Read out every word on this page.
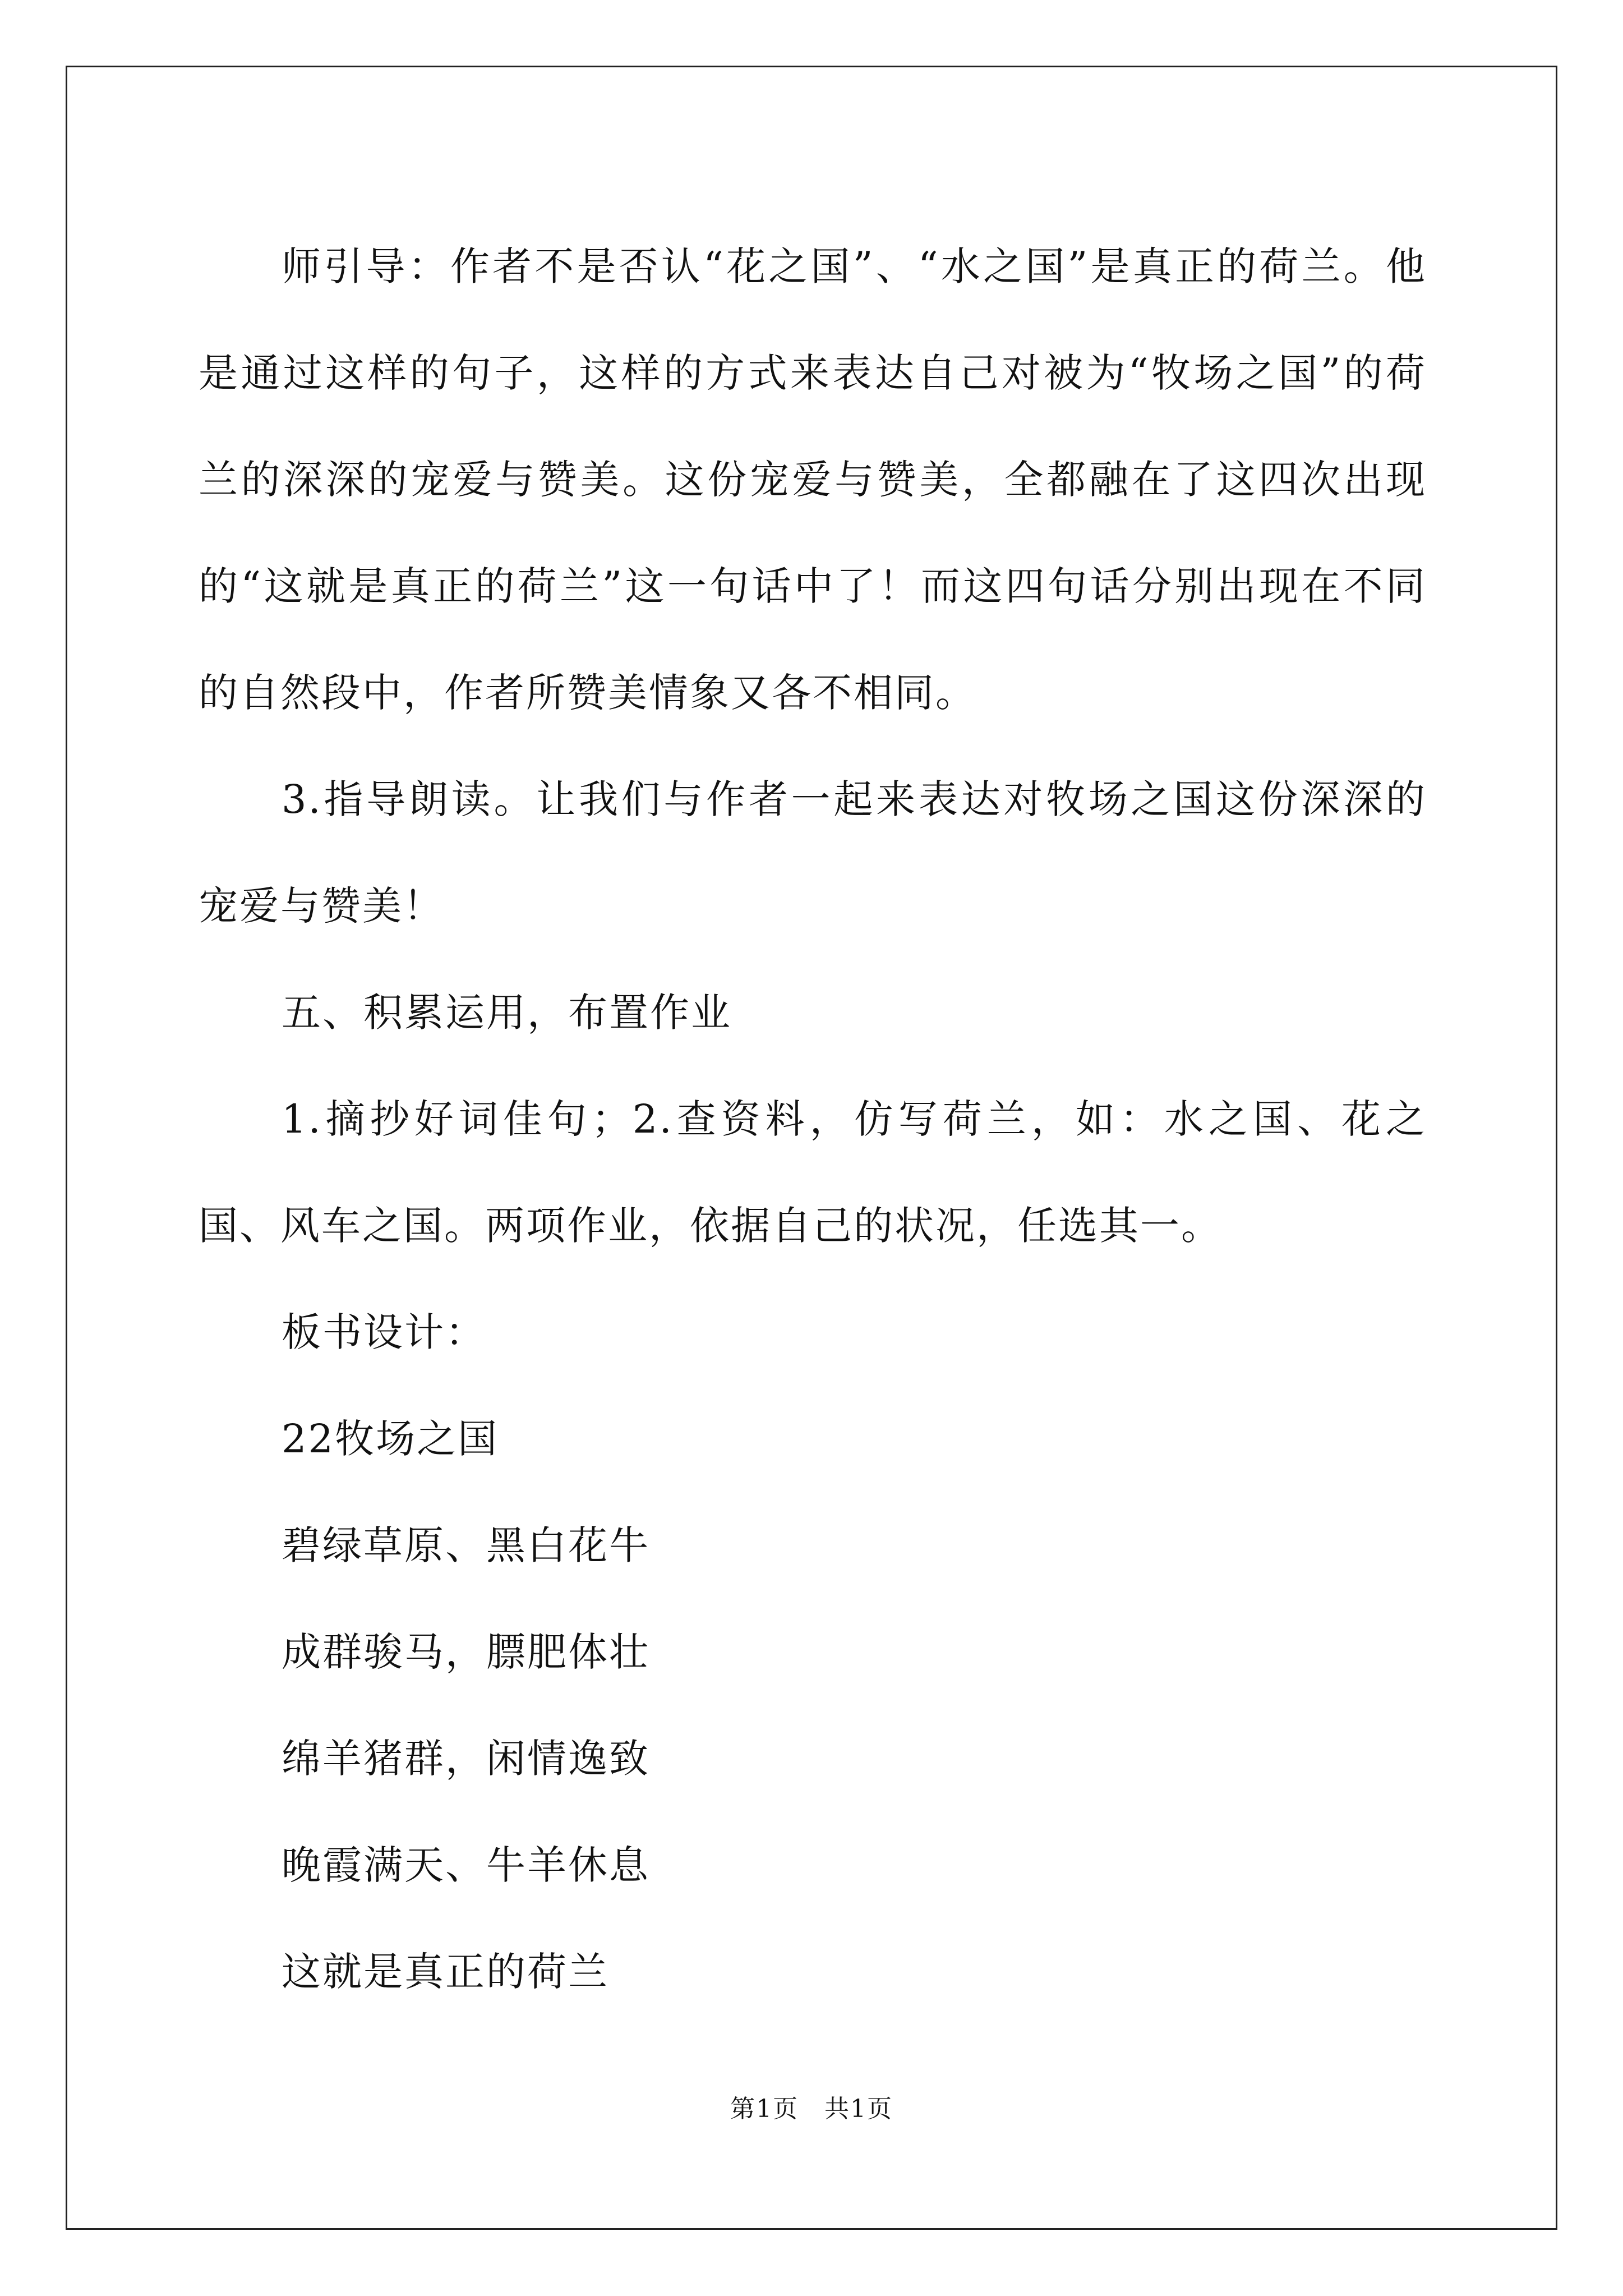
师引导：作者不是否认“花之国”、“水之国”是真正的荷兰。他是通过这样的句子，这样的方式来表达自己对被为“牧场之国”的荷兰的深深的宠爱与赞美。这份宠爱与赞美，全都融在了这四次出现的“这就是真正的荷兰”这一句话中了！而这四句话分别出现在不同的自然段中，作者所赞美情象又各不相同。

3.指导朗读。让我们与作者一起来表达对牧场之国这份深深的宠爱与赞美！

五、积累运用，布置作业

1.摘抄好词佳句；2.查资料，仿写荷兰，如：水之国、花之国、风车之国。两项作业，依据自己的状况，任选其一。

板书设计：

22牧场之国

碧绿草原、黑白花牛

成群骏马，膘肥体壮

绵羊猪群，闲情逸致

晚霞满天、牛羊休息

这就是真正的荷兰

第1页　共1页
